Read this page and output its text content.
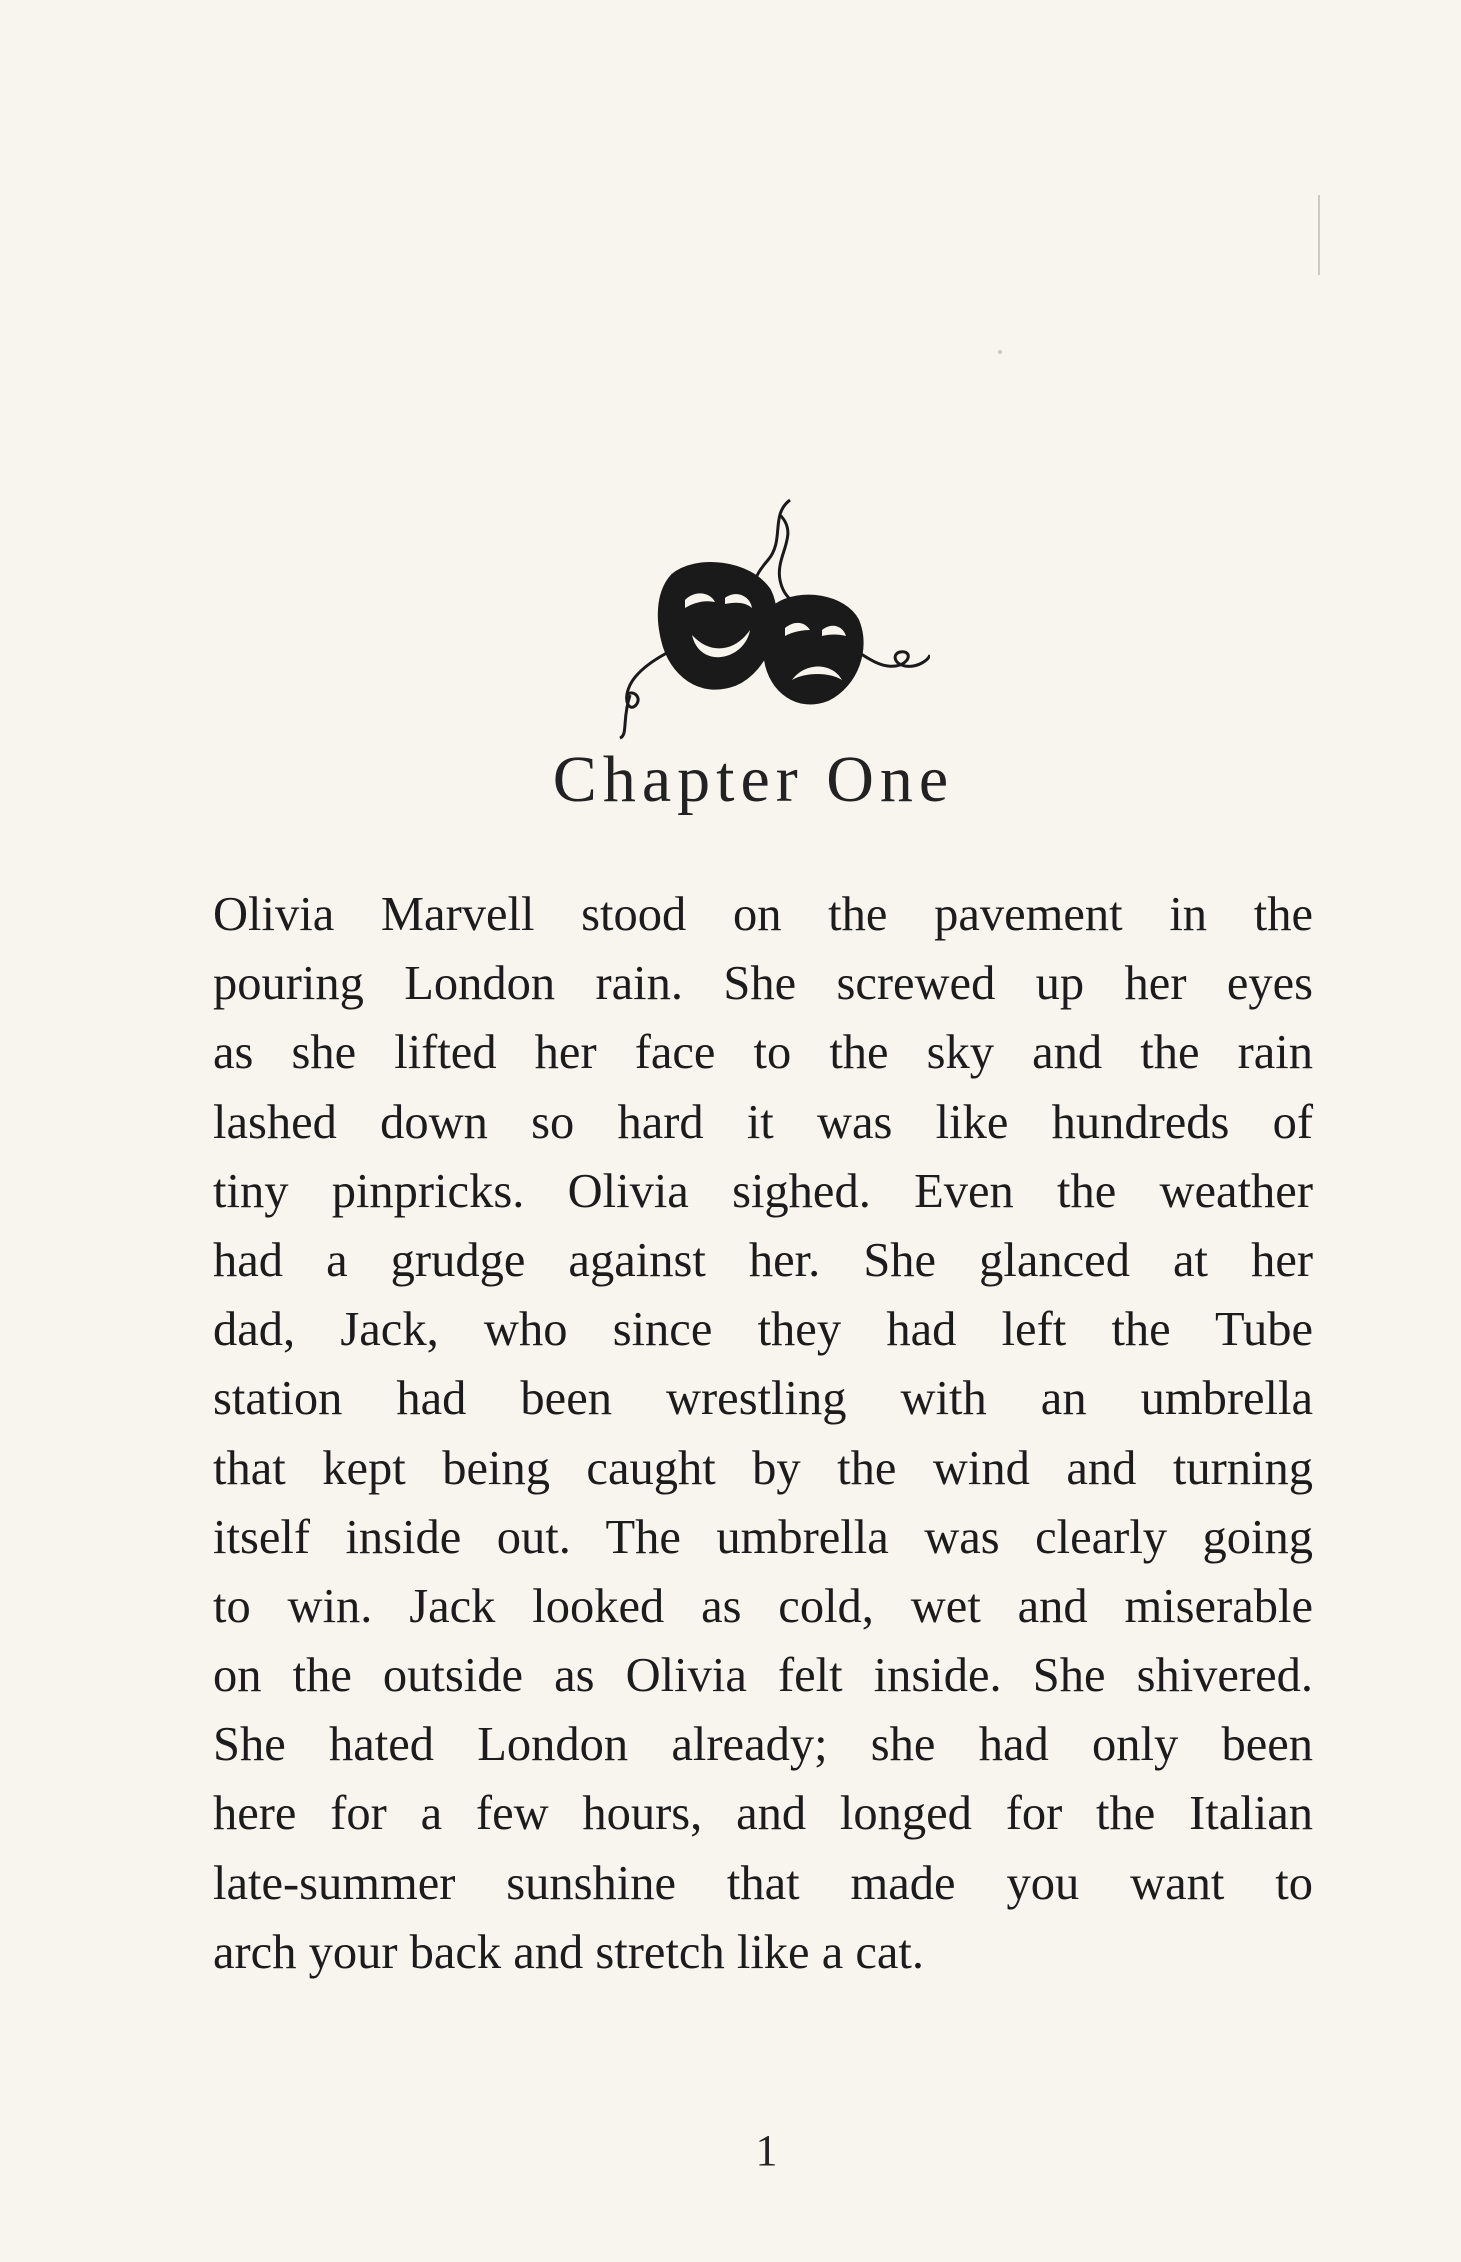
Chapter One
Olivia Marvell stood on the pavement in the
pouring London rain. She screwed up her eyes
as she lifted her face to the sky and the rain
lashed down so hard it was like hundreds of
tiny pinpricks. Olivia sighed. Even the weather
had a grudge against her. She glanced at her
dad, Jack, who since they had left the Tube
station had been wrestling with an umbrella
that kept being caught by the wind and turning
itself inside out. The umbrella was clearly going
to win. Jack looked as cold, wet and miserable
on the outside as Olivia felt inside. She shivered.
She hated London already; she had only been
here for a few hours, and longed for the Italian
late-summer sunshine that made you want to
arch your back and stretch like a cat.
1
